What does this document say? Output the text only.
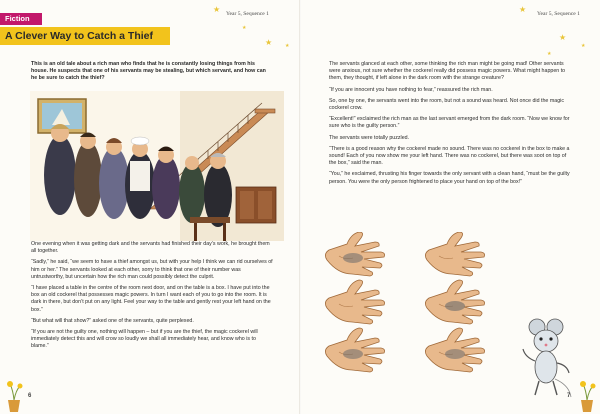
Year 5, Sequence 1
★
★
★	★
Fiction
A Clever Way to Catch a Thief
This is an old tale about a rich man who finds that he is constantly losing things from his house. He suspects that one of his servants may be stealing, but which servant, and how can he be sure to catch the thief?

One evening when it was getting dark and the servants had finished their day’s work, he brought them all together.

“Sadly,” he said, “we seem to have a thief amongst us, but with your help I think we can rid ourselves of him or her.” The servants looked at each other, sorry to think that one of their number was untrustworthy, but uncertain how the rich man could possibly detect the culprit.

“I have placed a table in the centre of the room next door, and on the table is a box. I have put into the box an old cockerel that possesses magic powers. In turn I want each of you to go into the room. It is dark in there, but don’t put on any light. Feel your way to the table and gently rest your left hand on the box.”

“But what will that show?” asked one of the servants, quite perplexed.

“If you are not the guilty one, nothing will happen – but if you are the thief, the magic cockerel will immediately detect this and will crow so loudly we shall all immediately hear, and know who is to blame.”

6
Year 5, Sequence 1
★
★
★
★

The servants glanced at each other, some thinking the rich man might be going mad! Other servants were anxious, not sure whether the cockerel really did possess magic powers. What might happen to them, they thought, if left alone in the dark room with the strange creature?

“If you are innocent you have nothing to fear,” reassured the rich man.

So, one by one, the servants went into the room, but not a sound was heard. Not once did the magic cockerel crow.

“Excellent!” exclaimed the rich man as the last servant emerged from the dark room. “Now we know for sure who is the guilty person.”

The servants were totally puzzled.

“There is a good reason why the cockerel made no sound. There was no cockerel in the box to make a sound! Each of you now show me your left hand. There was no cockerel, but there was soot on top of the box,” said the man.

“You,” he exclaimed, thrusting his finger towards the only servant with a clean hand, “must be the guilty person. You were the only person frightened to place your hand on top of the box!”

7
